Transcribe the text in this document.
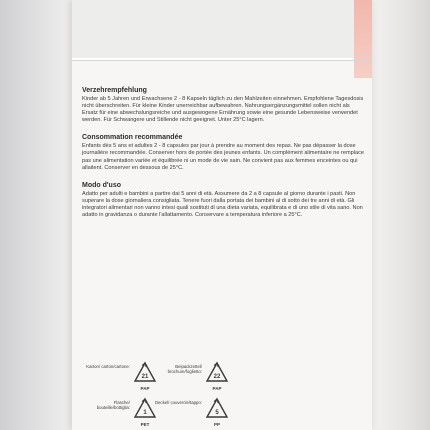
Verzehrempfehlung

Kinder ab 5 Jahren und Erwachsene 2 - 8 Kapseln täglich zu den Mahlzeiten einnehmen. Empfohlene Tagesdosis nicht überschreiten. Für kleine Kinder unerreichbar aufbewahren. Nahrungsergänzungsmittel sollen nicht als Ersatz für eine abwechslungsreiche und ausgewogene Ernährung sowie eine gesunde Lebensweise verwendet werden. Für Schwangere und Stillende nicht geeignet. Unter 25°C lagern.

Consommation recommandée

Enfants dès 5 ans et adultes 2 - 8 capsules par jour à prendre au moment des repas. Ne pas dépasser la dose journalière recommandée. Conserver hors de portée des jeunes enfants. Un complément alimentaire ne remplace pas une alimentation variée et équilibrée ni un mode de vie sain. Ne convient pas aux femmes enceintes ou qui allaitent. Conserver en dessous de 25°C.

Modo d'uso

Adatto per adulti e bambini a partire dai 5 anni di età. Assumere da 2 a 8 capsule al giorno durante i pasti. Non superare la dose giornaliera consigliata. Tenere fuori dalla portata dei bambini al di sotto dei tre anni di età. Gli integratori alimentari non vanno intesi quali sostituti di una dieta variata, equilibrata e di uno stile di vita sano. Non adatto in gravidanza o durante l'allattamento. Conservare a temperatura inferiore a 25°C.

Karton/ carton/cartone:
21
PAP
Beipackzettel/ brochure/foglietto:
22
PAP
Flasche/ bouteille/bottiglia:
1
PET
Deckel/ couvercle/tappo:
5
PP
